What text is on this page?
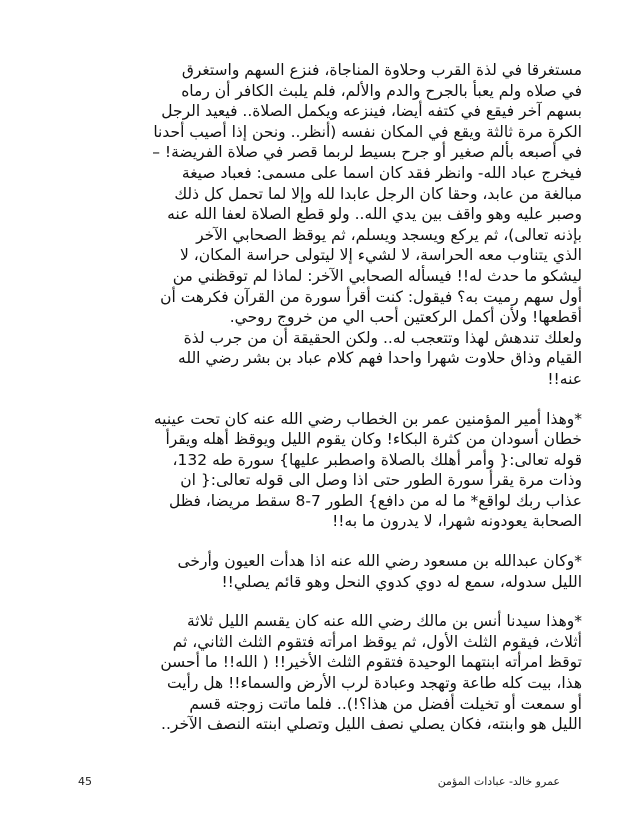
مستغرقا في لذة القرب وحلاوة المناجاة، فنزع السهم واستغرق
في صلاه ولم يعبأ بالجرح والدم والألم، فلم يلبث الكافر أن رماه
بسهم آخر فيقع في كتفه أيضا، فينزعه ويكمل الصلاة.. فيعيد الرجل
الكرة مرة ثالثة ويقع في المكان نفسه (أنظر.. ونحن إذا أصيب أحدنا
في أصبعه بألم صغير أو جرح بسيط لربما قصر في صلاة الفريضة! –
فيخرج عباد الله- وانظر فقد كان اسما على مسمى: فعباد صيغة
مبالغة من عابد، وحقا كان الرجل عابدا لله وإلا لما تحمل كل ذلك
وصبر عليه وهو واقف بين يدي الله.. ولو قطع الصلاة لعفا الله عنه
بإذنه تعالى)، ثم يركع ويسجد ويسلم، ثم يوقظ الصحابي الآخر
الذي يتناوب معه الحراسة، لا لشيء إلا ليتولى حراسة المكان، لا
ليشكو ما حدث له!! فيسأله الصحابي الآخر: لماذا لم توقظني من
أول سهم رميت به؟ فيقول: كنت أقرأ سورة من القرآن فكرهت أن
أقطعها! ولأن أكمل الركعتين أحب الي من خروج روحي.
ولعلك تندهش لهذا وتتعجب له.. ولكن الحقيقة أن من جرب لذة
القيام وذاق حلاوت شهرا واحدا فهم كلام عباد بن بشر رضي الله
عنه!!
*وهذا أمير المؤمنين عمر بن الخطاب رضي الله عنه كان تحت عينيه
خطان أسودان من كثرة البكاء! وكان يقوم الليل ويوقظ أهله ويقرأ
قوله تعالى:{ وأمر أهلك بالصلاة واصطبر عليها} سورة طه 132،
وذات مرة يقرأ سورة الطور حتى اذا وصل الى قوله تعالى:{ ان
عذاب ربك لواقع* ما له من دافع} الطور 7-8 سقط مريضا، فظل
الصحابة يعودونه شهرا، لا يدرون ما به!!
*وكان عبدالله بن مسعود رضي الله عنه اذا هدأت العيون وأرخى
الليل سدوله، سمع له دوي كدوي النحل وهو قائم يصلي!!
*وهذا سيدنا أنس بن مالك رضي الله عنه كان يقسم الليل ثلاثة
أثلاث، فيقوم الثلث الأول، ثم يوقظ امرأته فتقوم الثلث الثاني، ثم
توقظ امرأته ابنتهما الوحيدة فتقوم الثلث الأخير!! ( الله!! ما أحسن
هذا، بيت كله طاعة وتهجد وعبادة لرب الأرض والسماء!! هل رأيت
أو سمعت أو تخيلت أفضل من هذا؟!).. فلما ماتت زوجته قسم
الليل هو وابنته، فكان يصلي نصف الليل وتصلي ابنته النصف الآخر..
45	عمرو خالد- عبادات المؤمن
